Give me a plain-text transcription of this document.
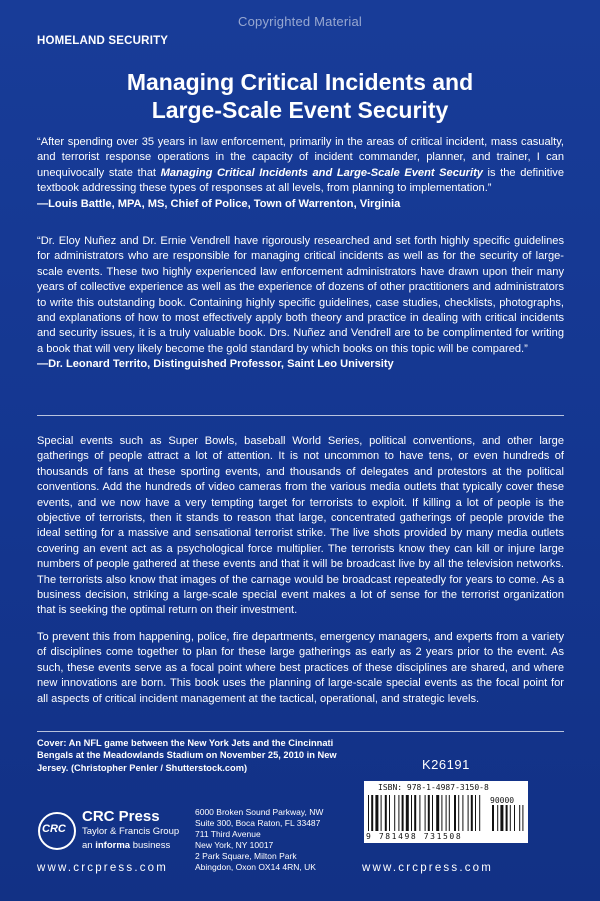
Copyrighted Material
HOMELAND SECURITY
Managing Critical Incidents and
Large-Scale Event Security
“After spending over 35 years in law enforcement, primarily in the areas of critical incident, mass casualty, and terrorist response operations in the capacity of incident commander, planner, and trainer, I can unequivocally state that Managing Critical Incidents and Large-Scale Event Security is the definitive textbook addressing these types of responses at all levels, from planning to implementation.”
—Louis Battle, MPA, MS, Chief of Police, Town of Warrenton, Virginia
“Dr. Eloy Nuñez and Dr. Ernie Vendrell have rigorously researched and set forth highly specific guidelines for administrators who are responsible for managing critical incidents as well as for the security of large-scale events. These two highly experienced law enforcement administrators have drawn upon their many years of collective experience as well as the experience of dozens of other practitioners and administrators to write this outstanding book. Containing highly specific guidelines, case studies, checklists, photographs, and explanations of how to most effectively apply both theory and practice in dealing with critical incidents and security issues, it is a truly valuable book. Drs. Nuñez and Vendrell are to be complimented for writing a book that will very likely become the gold standard by which books on this topic will be compared.”
—Dr. Leonard Territo, Distinguished Professor, Saint Leo University
Special events such as Super Bowls, baseball World Series, political conventions, and other large gatherings of people attract a lot of attention. It is not uncommon to have tens, or even hundreds of thousands of fans at these sporting events, and thousands of delegates and protestors at the political conventions. Add the hundreds of video cameras from the various media outlets that typically cover these events, and we now have a very tempting target for terrorists to exploit. If killing a lot of people is the objective of terrorists, then it stands to reason that large, concentrated gatherings of people provide the ideal setting for a massive and sensational terrorist strike. The live shots provided by many media outlets covering an event act as a psychological force multiplier. The terrorists know they can kill or injure large numbers of people gathered at these events and that it will be broadcast live by all the television networks. The terrorists also know that images of the carnage would be broadcast repeatedly for years to come. As a business decision, striking a large-scale special event makes a lot of sense for the terrorist organization that is seeking the optimal return on their investment.
To prevent this from happening, police, fire departments, emergency managers, and experts from a variety of disciplines come together to plan for these large gatherings as early as 2 years prior to the event. As such, these events serve as a focal point where best practices of these disciplines are shared, and where new innovations are born. This book uses the planning of large-scale special events as the focal point for all aspects of critical incident management at the tactical, operational, and strategic levels.
Cover: An NFL game between the New York Jets and the Cincinnati Bengals at the Meadowlands Stadium on November 25, 2010 in New Jersey. (Christopher Penler / Shutterstock.com)	K26191
ISBN: 978-1-4987-3150-8
90000
9 781498 731508
CRC
CRC Press
Taylor & Francis Group
an informa business
6000 Broken Sound Parkway, NW
Suite 300, Boca Raton, FL 33487
711 Third Avenue
New York, NY 10017
2 Park Square, Milton Park
Abingdon, Oxon OX14 4RN, UK
www.crcpress.com	www.crcpress.com
